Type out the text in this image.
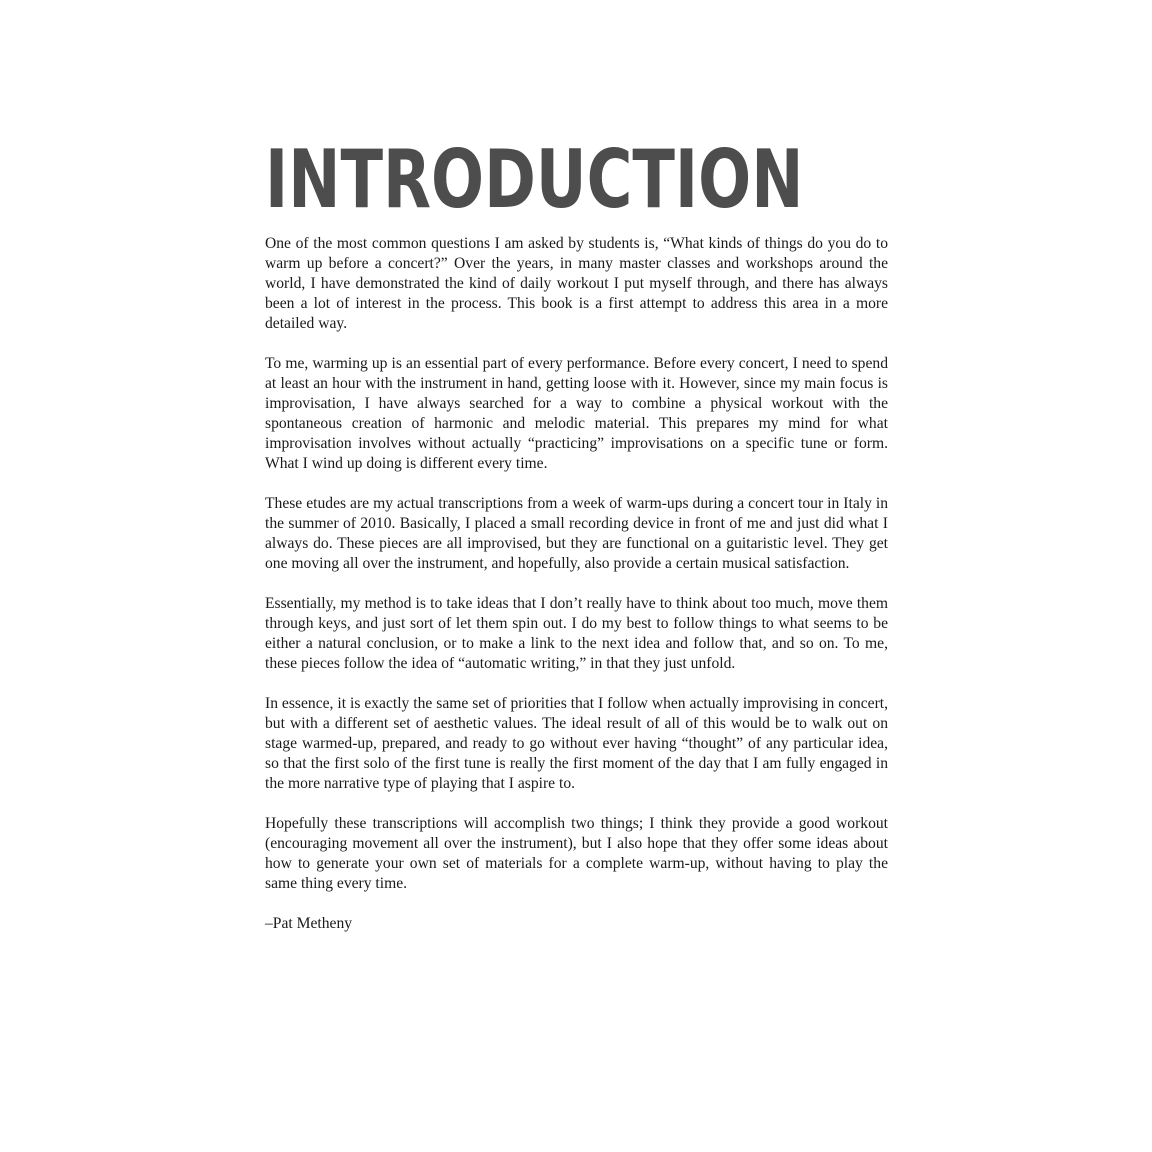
INTRODUCTION

One of the most common questions I am asked by students is, “What kinds of things do you do to warm up before a concert?” Over the years, in many master classes and workshops around the world, I have demonstrated the kind of daily workout I put myself through, and there has always been a lot of interest in the process. This book is a first attempt to address this area in a more detailed way.

To me, warming up is an essential part of every performance. Before every concert, I need to spend at least an hour with the instrument in hand, getting loose with it. However, since my main focus is improvisation, I have always searched for a way to combine a physical workout with the spontaneous creation of harmonic and melodic material. This prepares my mind for what improvisation involves without actually “practicing” improvisations on a specific tune or form. What I wind up doing is different every time.

These etudes are my actual transcriptions from a week of warm-ups during a concert tour in Italy in the summer of 2010. Basically, I placed a small recording device in front of me and just did what I always do. These pieces are all improvised, but they are functional on a guitaristic level. They get one moving all over the instrument, and hopefully, also provide a certain musical satisfaction.

Essentially, my method is to take ideas that I don’t really have to think about too much, move them through keys, and just sort of let them spin out. I do my best to follow things to what seems to be either a natural conclusion, or to make a link to the next idea and follow that, and so on. To me, these pieces follow the idea of “automatic writing,” in that they just unfold.

In essence, it is exactly the same set of priorities that I follow when actually improvising in concert, but with a different set of aesthetic values. The ideal result of all of this would be to walk out on stage warmed-up, prepared, and ready to go without ever having “thought” of any particular idea, so that the first solo of the first tune is really the first moment of the day that I am fully engaged in the more narrative type of playing that I aspire to.

Hopefully these transcriptions will accomplish two things; I think they provide a good workout (encouraging movement all over the instrument), but I also hope that they offer some ideas about how to generate your own set of materials for a complete warm-up, without having to play the same thing every time.

–Pat Metheny
